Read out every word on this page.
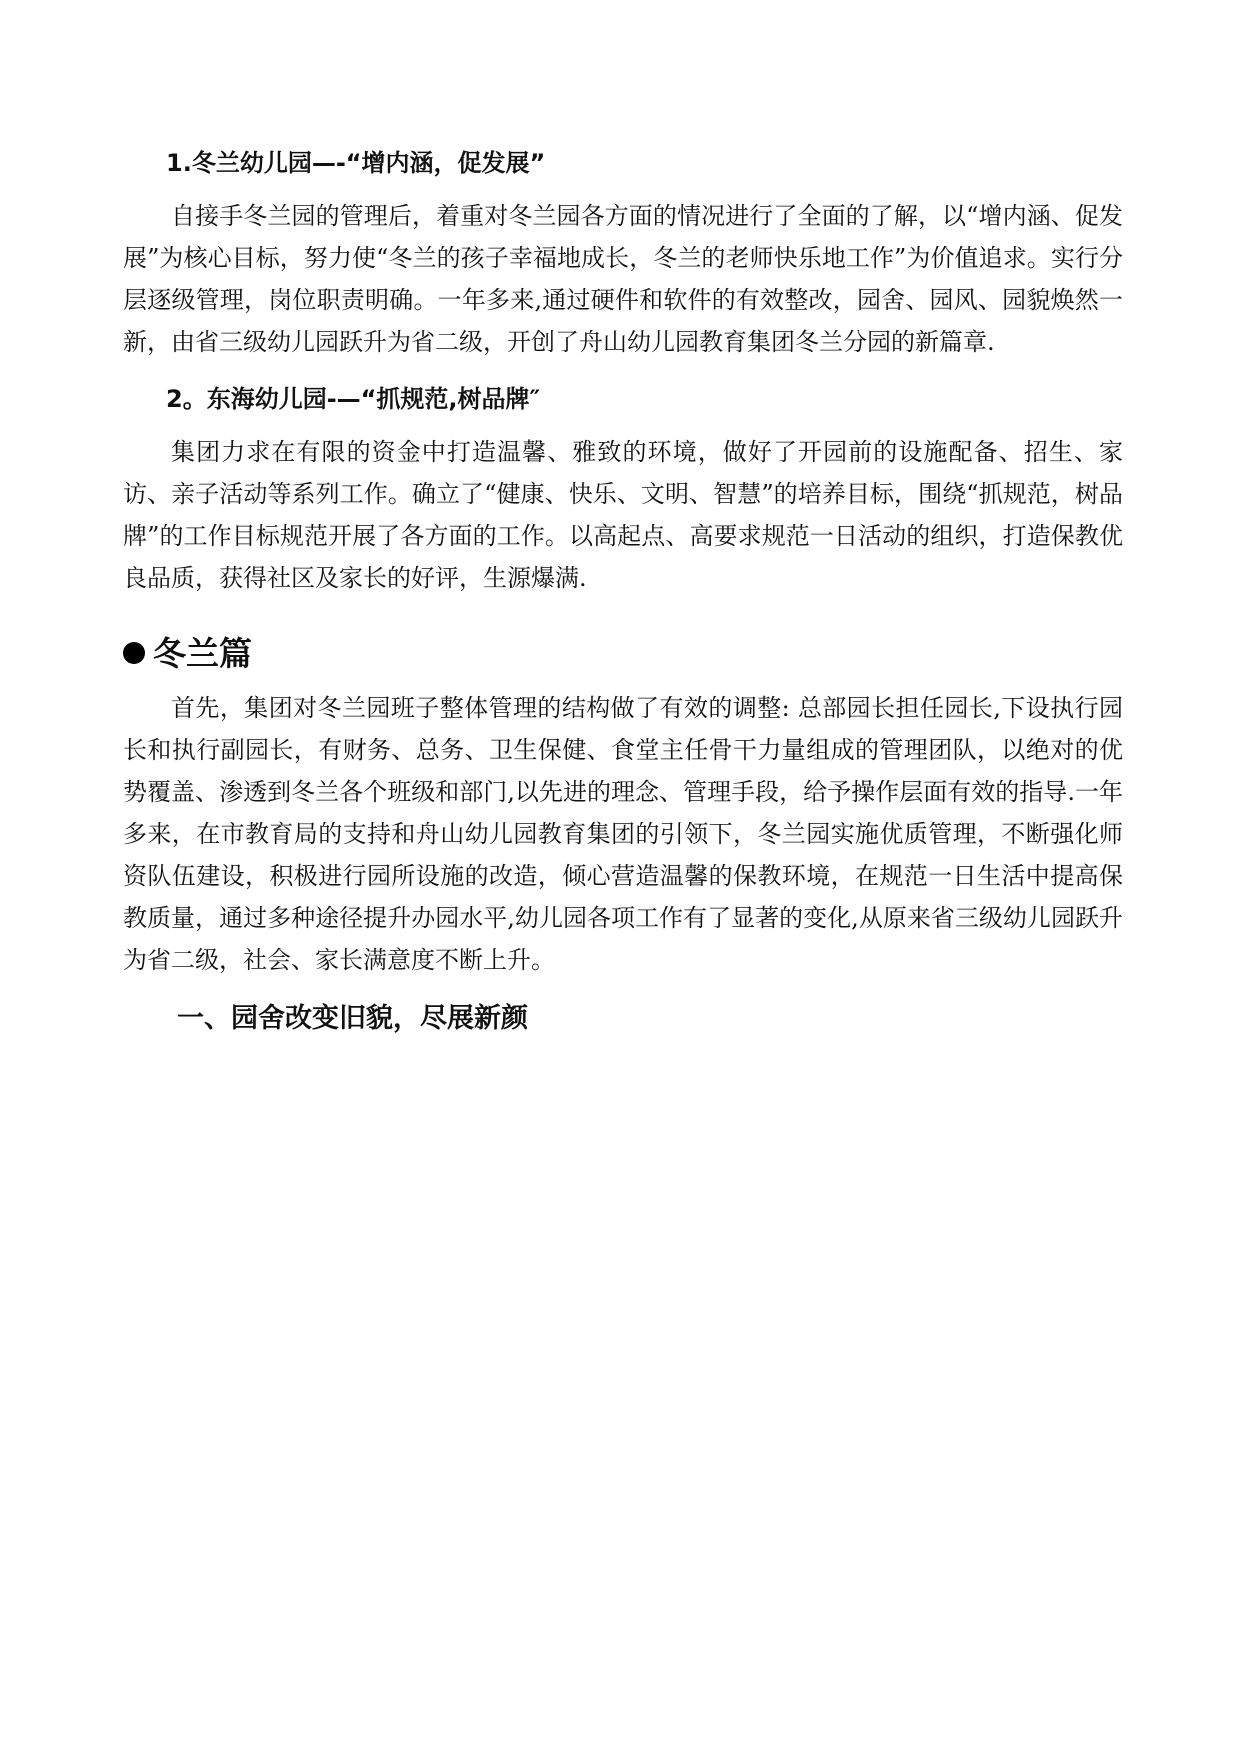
1.冬兰幼儿园—-“增内涵，促发展”

自接手冬兰园的管理后，着重对冬兰园各方面的情况进行了全面的了解，以“增内涵、促发展”为核心目标，努力使“冬兰的孩子幸福地成长，冬兰的老师快乐地工作”为价值追求。实行分层逐级管理，岗位职责明确。一年多来,通过硬件和软件的有效整改，园舍、园风、园貌焕然一新，由省三级幼儿园跃升为省二级，开创了舟山幼儿园教育集团冬兰分园的新篇章.

2。东海幼儿园-—“抓规范,树品牌″

集团力求在有限的资金中打造温馨、雅致的环境，做好了开园前的设施配备、招生、家访、亲子活动等系列工作。确立了“健康、快乐、文明、智慧”的培养目标，围绕“抓规范，树品牌”的工作目标规范开展了各方面的工作。以高起点、高要求规范一日活动的组织，打造保教优良品质，获得社区及家长的好评，生源爆满.

冬兰篇

首先，集团对冬兰园班子整体管理的结构做了有效的调整: 总部园长担任园长,下设执行园长和执行副园长，有财务、总务、卫生保健、食堂主任骨干力量组成的管理团队，以绝对的优势覆盖、渗透到冬兰各个班级和部门,以先进的理念、管理手段，给予操作层面有效的指导.一年多来，在市教育局的支持和舟山幼儿园教育集团的引领下，冬兰园实施优质管理，不断强化师资队伍建设，积极进行园所设施的改造，倾心营造温馨的保教环境，在规范一日生活中提高保教质量，通过多种途径提升办园水平,幼儿园各项工作有了显著的变化,从原来省三级幼儿园跃升为省二级，社会、家长满意度不断上升。

一、园舍改变旧貌，尽展新颜
